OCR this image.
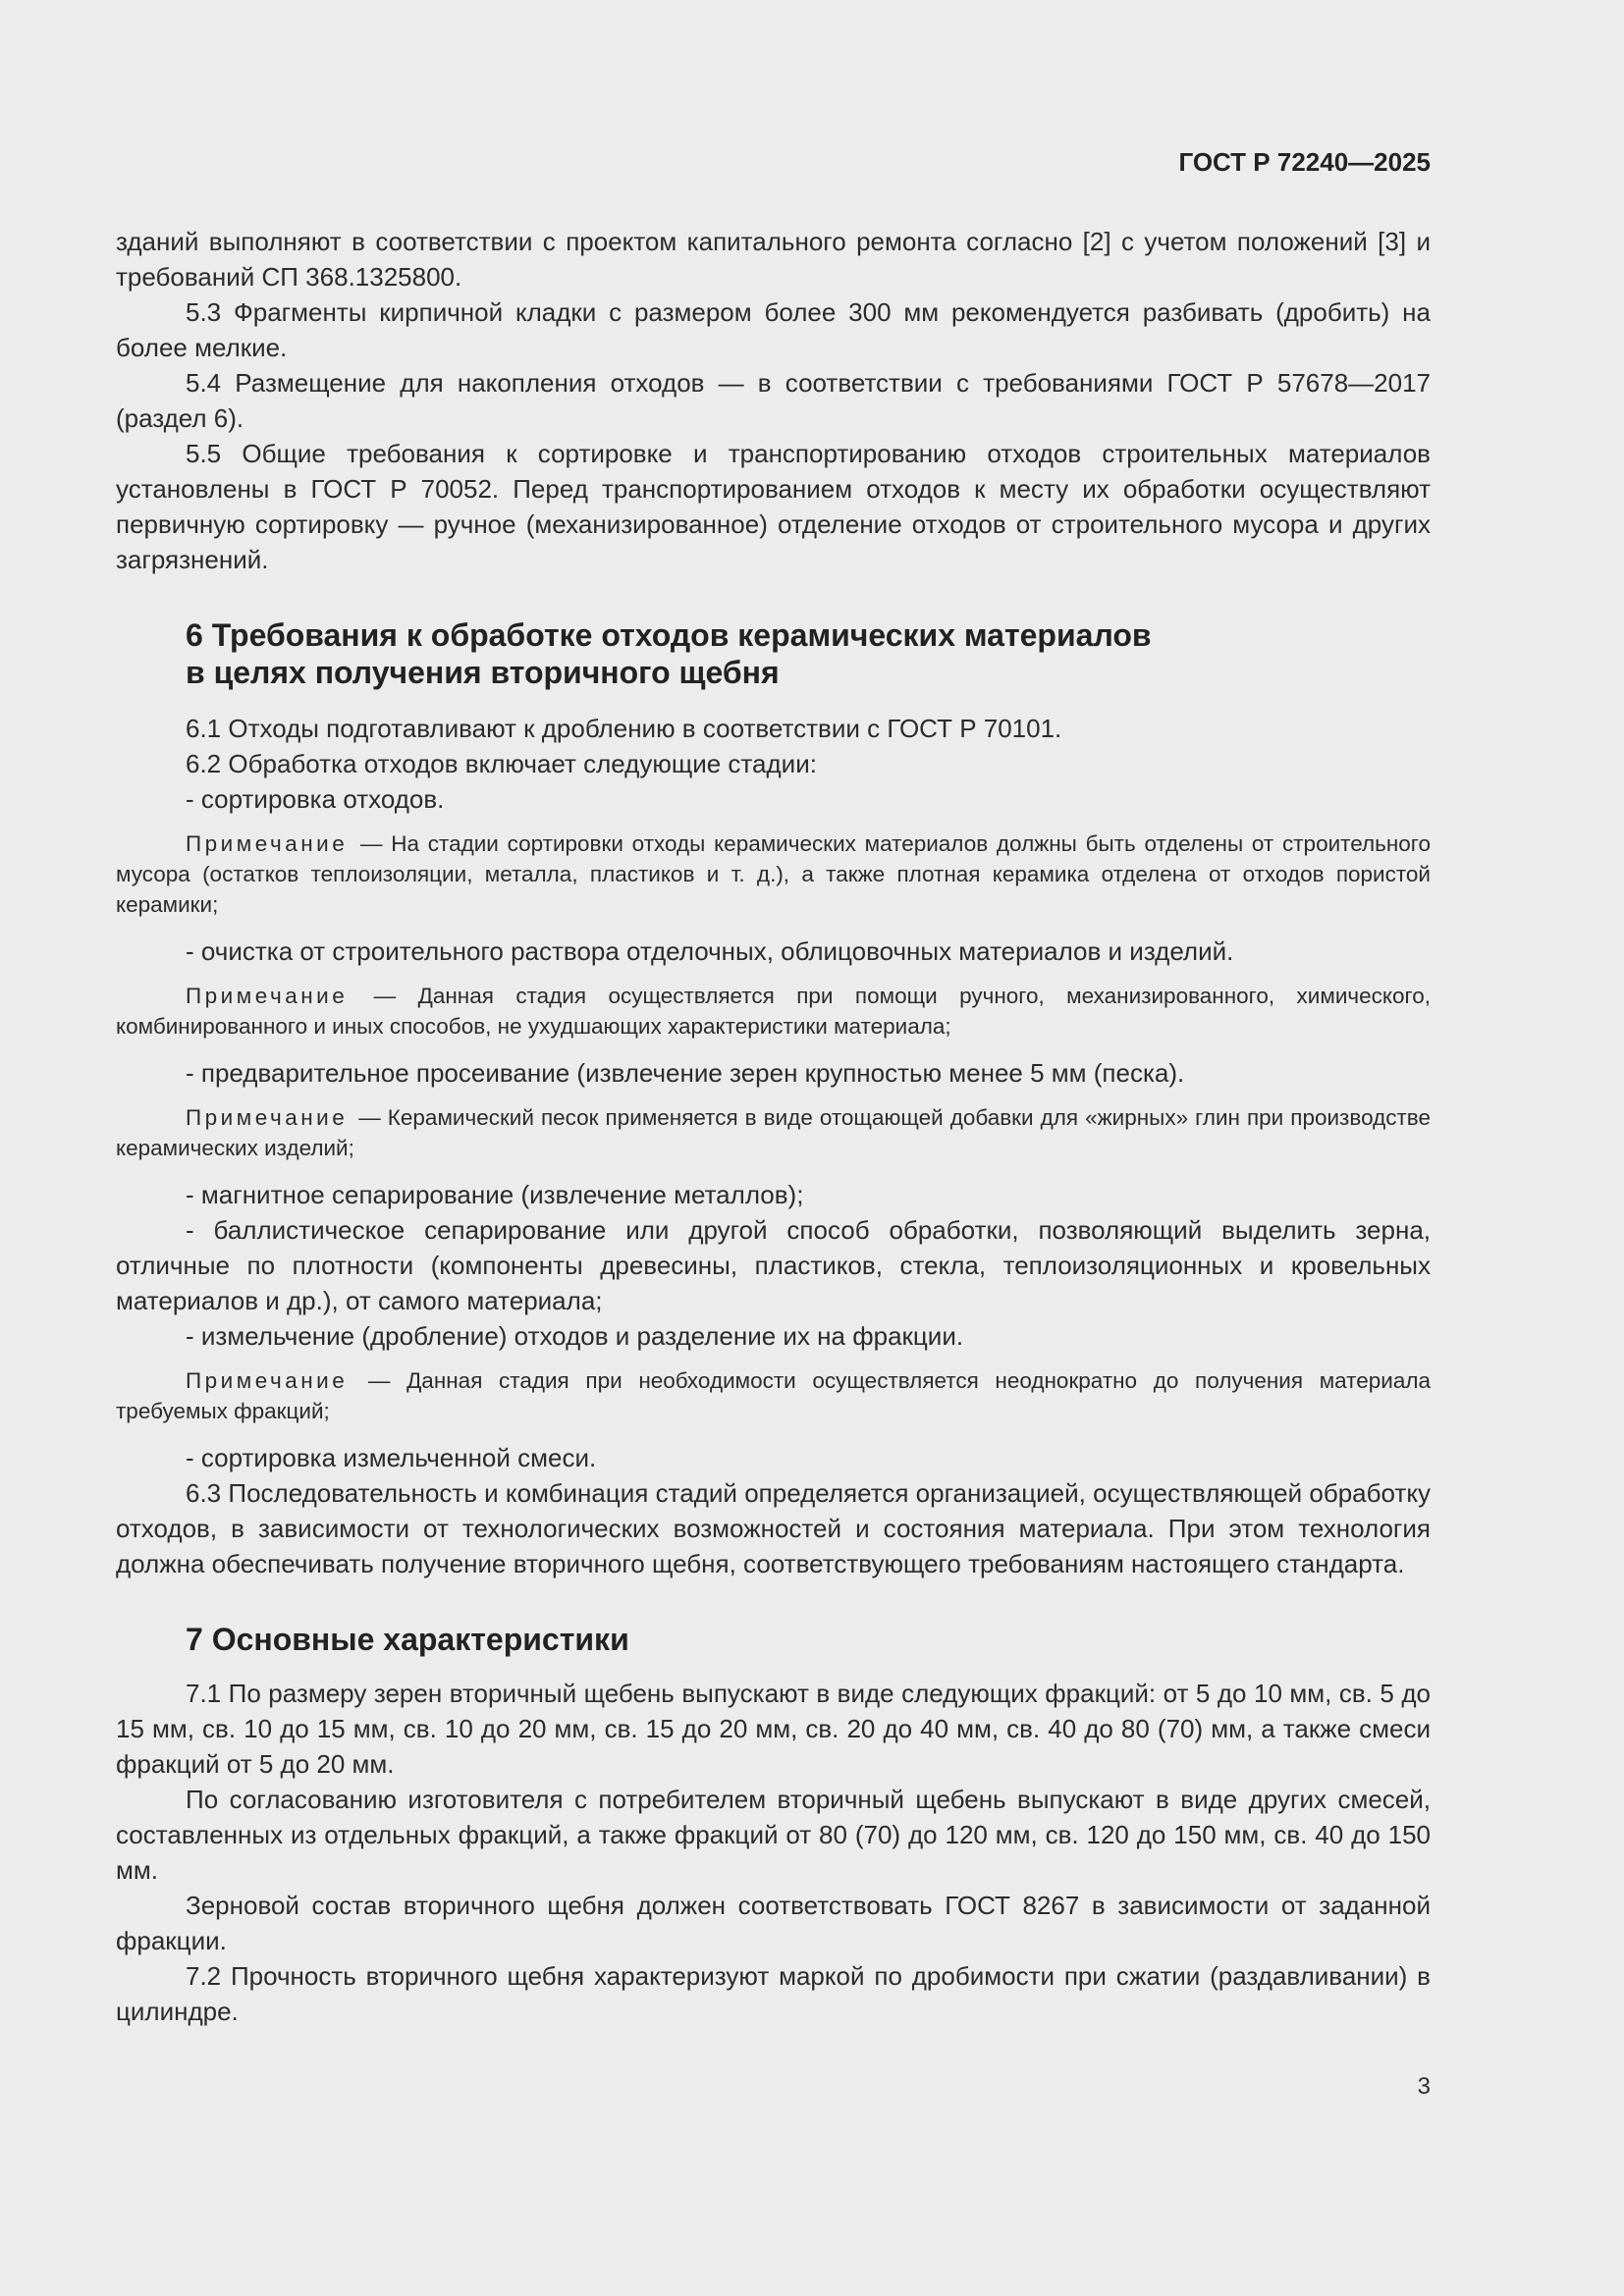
ГОСТ Р 72240—2025

зданий выполняют в соответствии с проектом капитального ремонта согласно [2] с учетом положений [3] и требований СП 368.1325800.

5.3 Фрагменты кирпичной кладки с размером более 300 мм рекомендуется разбивать (дробить) на более мелкие.

5.4 Размещение для накопления отходов — в соответствии с требованиями ГОСТ Р 57678—2017 (раздел 6).

5.5 Общие требования к сортировке и транспортированию отходов строительных материалов установлены в ГОСТ Р 70052. Перед транспортированием отходов к месту их обработки осуществляют первичную сортировку — ручное (механизированное) отделение отходов от строительного мусора и других загрязнений.

6 Требования к обработке отходов керамических материалов
в целях получения вторичного щебня

6.1 Отходы подготавливают к дроблению в соответствии с ГОСТ Р 70101.

6.2 Обработка отходов включает следующие стадии:

- сортировка отходов.

Примечание — На стадии сортировки отходы керамических материалов должны быть отделены от строительного мусора (остатков теплоизоляции, металла, пластиков и т. д.), а также плотная керамика отделена от отходов пористой керамики;

- очистка от строительного раствора отделочных, облицовочных материалов и изделий.

Примечание — Данная стадия осуществляется при помощи ручного, механизированного, химического, комбинированного и иных способов, не ухудшающих характеристики материала;

- предварительное просеивание (извлечение зерен крупностью менее 5 мм (песка).

Примечание — Керамический песок применяется в виде отощающей добавки для «жирных» глин при производстве керамических изделий;

- магнитное сепарирование (извлечение металлов);

- баллистическое сепарирование или другой способ обработки, позволяющий выделить зерна, отличные по плотности (компоненты древесины, пластиков, стекла, теплоизоляционных и кровельных материалов и др.), от самого материала;

- измельчение (дробление) отходов и разделение их на фракции.

Примечание — Данная стадия при необходимости осуществляется неоднократно до получения материала требуемых фракций;

- сортировка измельченной смеси.

6.3 Последовательность и комбинация стадий определяется организацией, осуществляющей обработку отходов, в зависимости от технологических возможностей и состояния материала. При этом технология должна обеспечивать получение вторичного щебня, соответствующего требованиям настоящего стандарта.

7 Основные характеристики

7.1 По размеру зерен вторичный щебень выпускают в виде следующих фракций: от 5 до 10 мм, св. 5 до 15 мм, св. 10 до 15 мм, св. 10 до 20 мм, св. 15 до 20 мм, св. 20 до 40 мм, св. 40 до 80 (70) мм, а также смеси фракций от 5 до 20 мм.

По согласованию изготовителя с потребителем вторичный щебень выпускают в виде других смесей, составленных из отдельных фракций, а также фракций от 80 (70) до 120 мм, св. 120 до 150 мм, св. 40 до 150 мм.

Зерновой состав вторичного щебня должен соответствовать ГОСТ 8267 в зависимости от заданной фракции.

7.2 Прочность вторичного щебня характеризуют маркой по дробимости при сжатии (раздавливании) в цилиндре.

3
